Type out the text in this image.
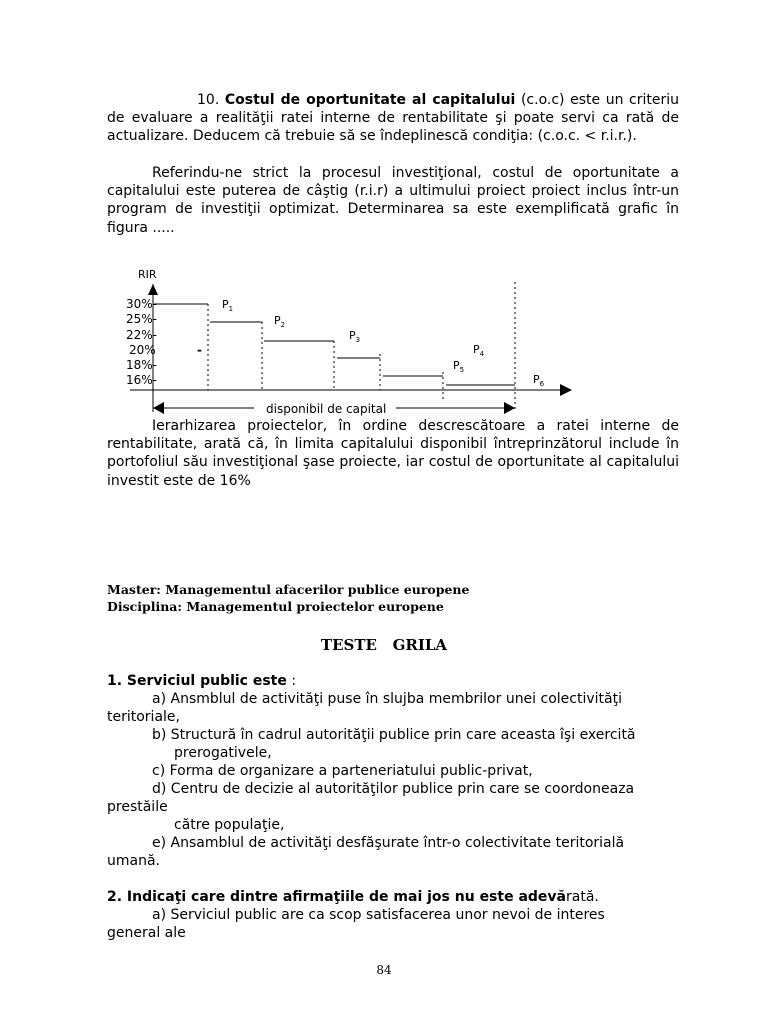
10. Costul de oportunitate al capitalului (c.o.c) este un criteriu de evaluare a realităţii ratei interne de rentabilitate şi poate servi ca rată de actualizare. Deducem că trebuie să se îndeplinescă condiţia: (c.o.c. < r.i.r.).
Referindu-ne strict la procesul investiţional, costul de oportunitate a capitalului este puterea de câştig (r.i.r) a ultimului proiect proiect inclus într-un program de investiţii optimizat. Determinarea sa este exemplificată grafic în figura .....
RIR
30%-
25%-
22%-
20%
18%-
16%-
$P_1$
$P_2$
$P_3$
$P_4$
$P_5$
$P_6$
-
disponibil de capital
Ierarhizarea proiectelor, în ordine descrescătoare a ratei interne de rentabilitate, arată că, în limita capitalului disponibil întreprinzătorul include în portofoliul său investiţional şase proiecte, iar costul de oportunitate al capitalului investit este de 16%
Master: Managementul afacerilor publice europene
Disciplina: Managementul proiectelor europene
TESTE   GRILA
1. Serviciul public este :
a) Ansmblul de activităţi puse în slujba membrilor unei colectivităţi
teritoriale,
b) Structură în cadrul autorităţii publice prin care aceasta îşi exercită
prerogativele,
c) Forma de organizare a parteneriatului public-privat,
d) Centru de decizie al autorităţilor publice prin care se coordoneaza
prestăile
către populaţie,
e) Ansamblul de activităţi desfăşurate într-o colectivitate teritorială
umană.
2. Indicaţi care dintre afirmaţiile de mai jos nu este adevărată.
a) Serviciul public are ca scop satisfacerea unor nevoi de interes
general ale
84
